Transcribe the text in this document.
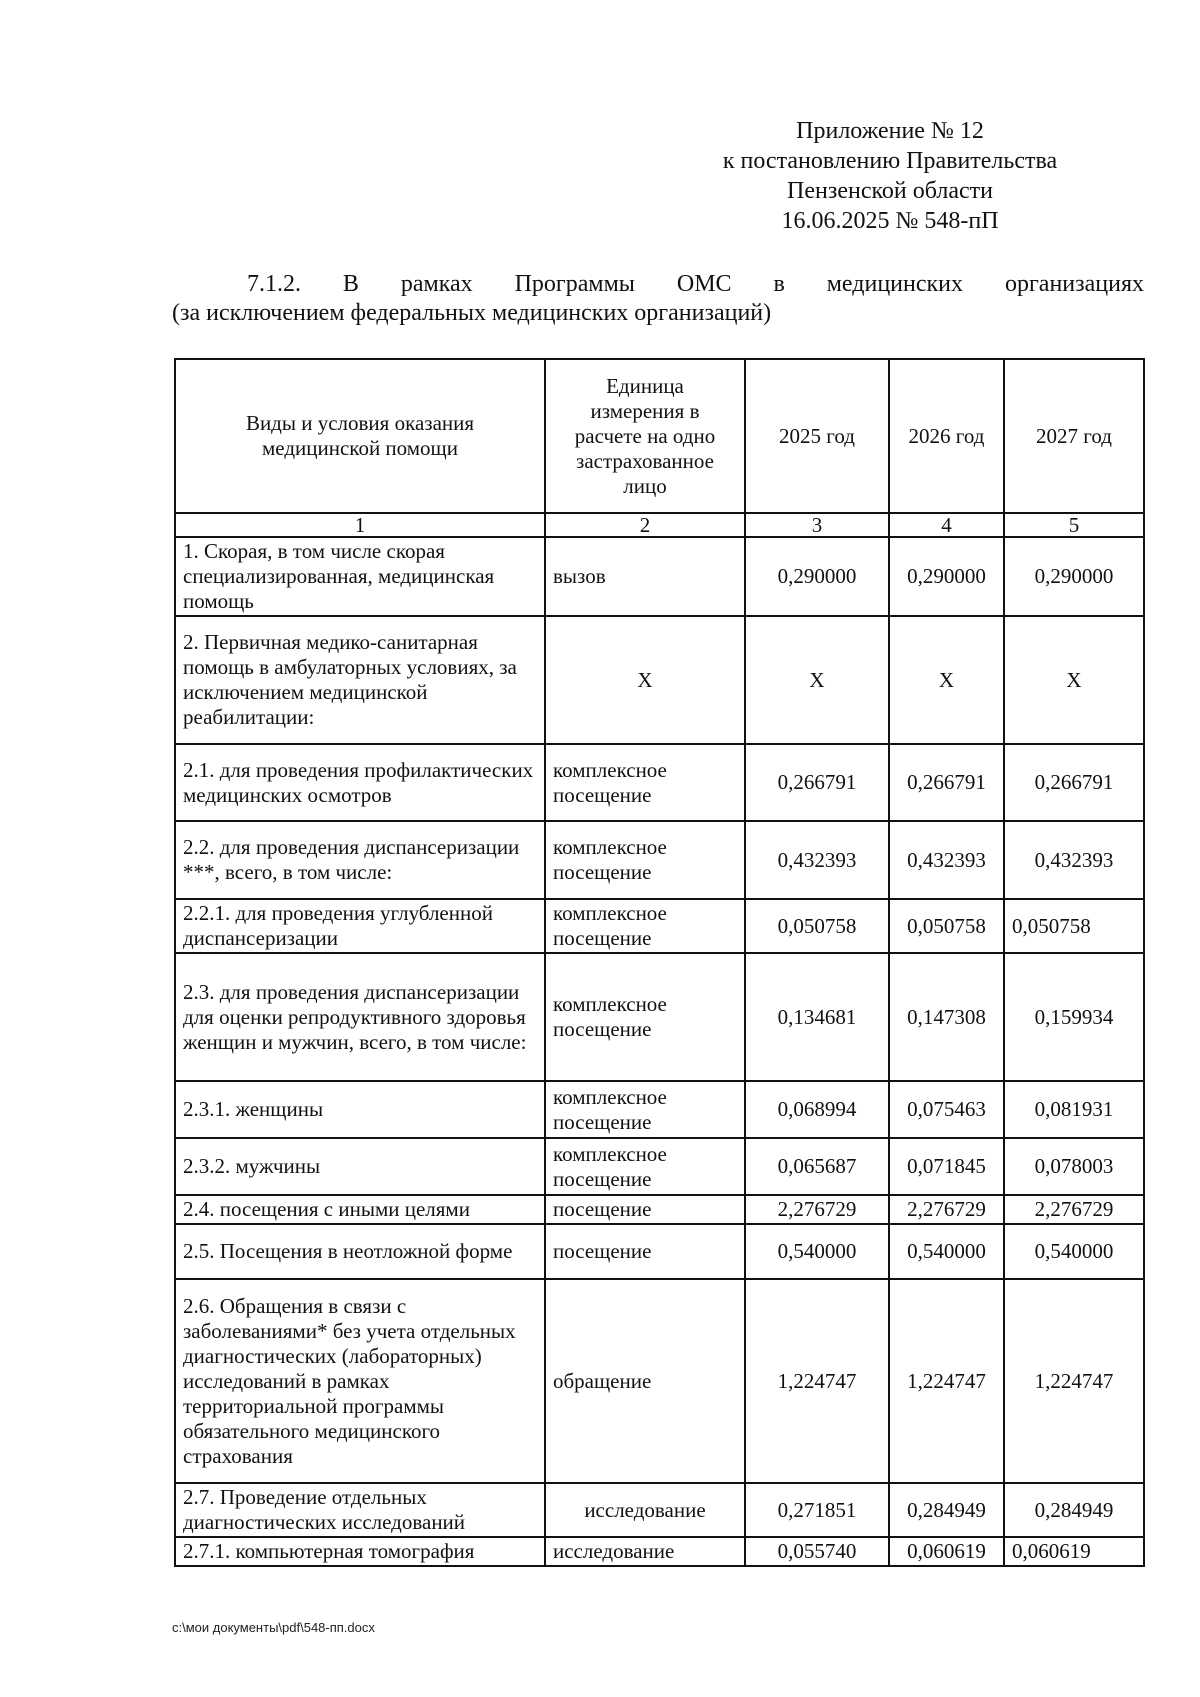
Приложение № 12
к постановлению Правительства
Пензенской области
16.06.2025 № 548-пП
7.1.2. В рамках Программы ОМС в медицинских организациях
(за исключением федеральных медицинских организаций)
Виды и условия оказания медицинской помощи	Единица измерения в расчете на одно застрахованное лицо	2025 год	2026 год	2027 год
1	2	3	4	5
1. Скорая, в том числе скорая специализированная, медицинская помощь	вызов	0,290000	0,290000	0,290000
2. Первичная медико-санитарная помощь в амбулаторных условиях, за исключением медицинской реабилитации:	Х	Х	Х	Х
2.1. для проведения профилактических медицинских осмотров	комплексное посещение	0,266791	0,266791	0,266791
2.2. для проведения диспансеризации ***, всего, в том числе:	комплексное посещение	0,432393	0,432393	0,432393
2.2.1. для проведения углубленной диспансеризации	комплексное посещение	0,050758	0,050758	0,050758
2.3. для проведения диспансеризации для оценки репродуктивного здоровья женщин и мужчин, всего, в том числе:	комплексное посещение	0,134681	0,147308	0,159934
2.3.1. женщины	комплексное посещение	0,068994	0,075463	0,081931
2.3.2. мужчины	комплексное посещение	0,065687	0,071845	0,078003
2.4. посещения с иными целями	посещение	2,276729	2,276729	2,276729
2.5. Посещения в неотложной форме	посещение	0,540000	0,540000	0,540000
2.6. Обращения в связи с заболеваниями* без учета отдельных диагностических (лабораторных) исследований в рамках территориальной программы обязательного медицинского страхования	обращение	1,224747	1,224747	1,224747
2.7. Проведение отдельных диагностических исследований	исследование	0,271851	0,284949	0,284949
2.7.1. компьютерная томография	исследование	0,055740	0,060619	0,060619
c:\мои документы\pdf\548-пп.docx
